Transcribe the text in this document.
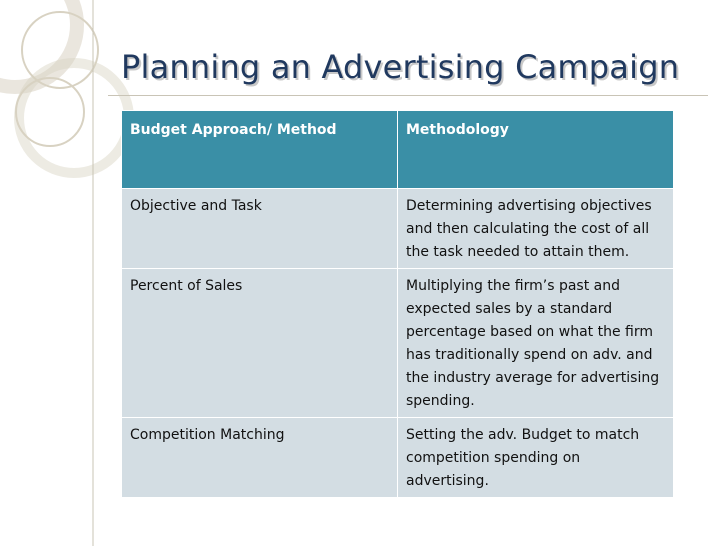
Planning an Advertising Campaign
Budget Approach/ Method	Methodology
Objective and Task	Determining advertising objectives and then calculating the cost of all the task needed to attain them.
Percent of Sales	Multiplying the firm’s past and expected sales by a standard percentage based on what the firm has traditionally spend on adv. and the industry average for advertising spending.
Competition Matching	Setting the adv. Budget to match competition spending on advertising.
